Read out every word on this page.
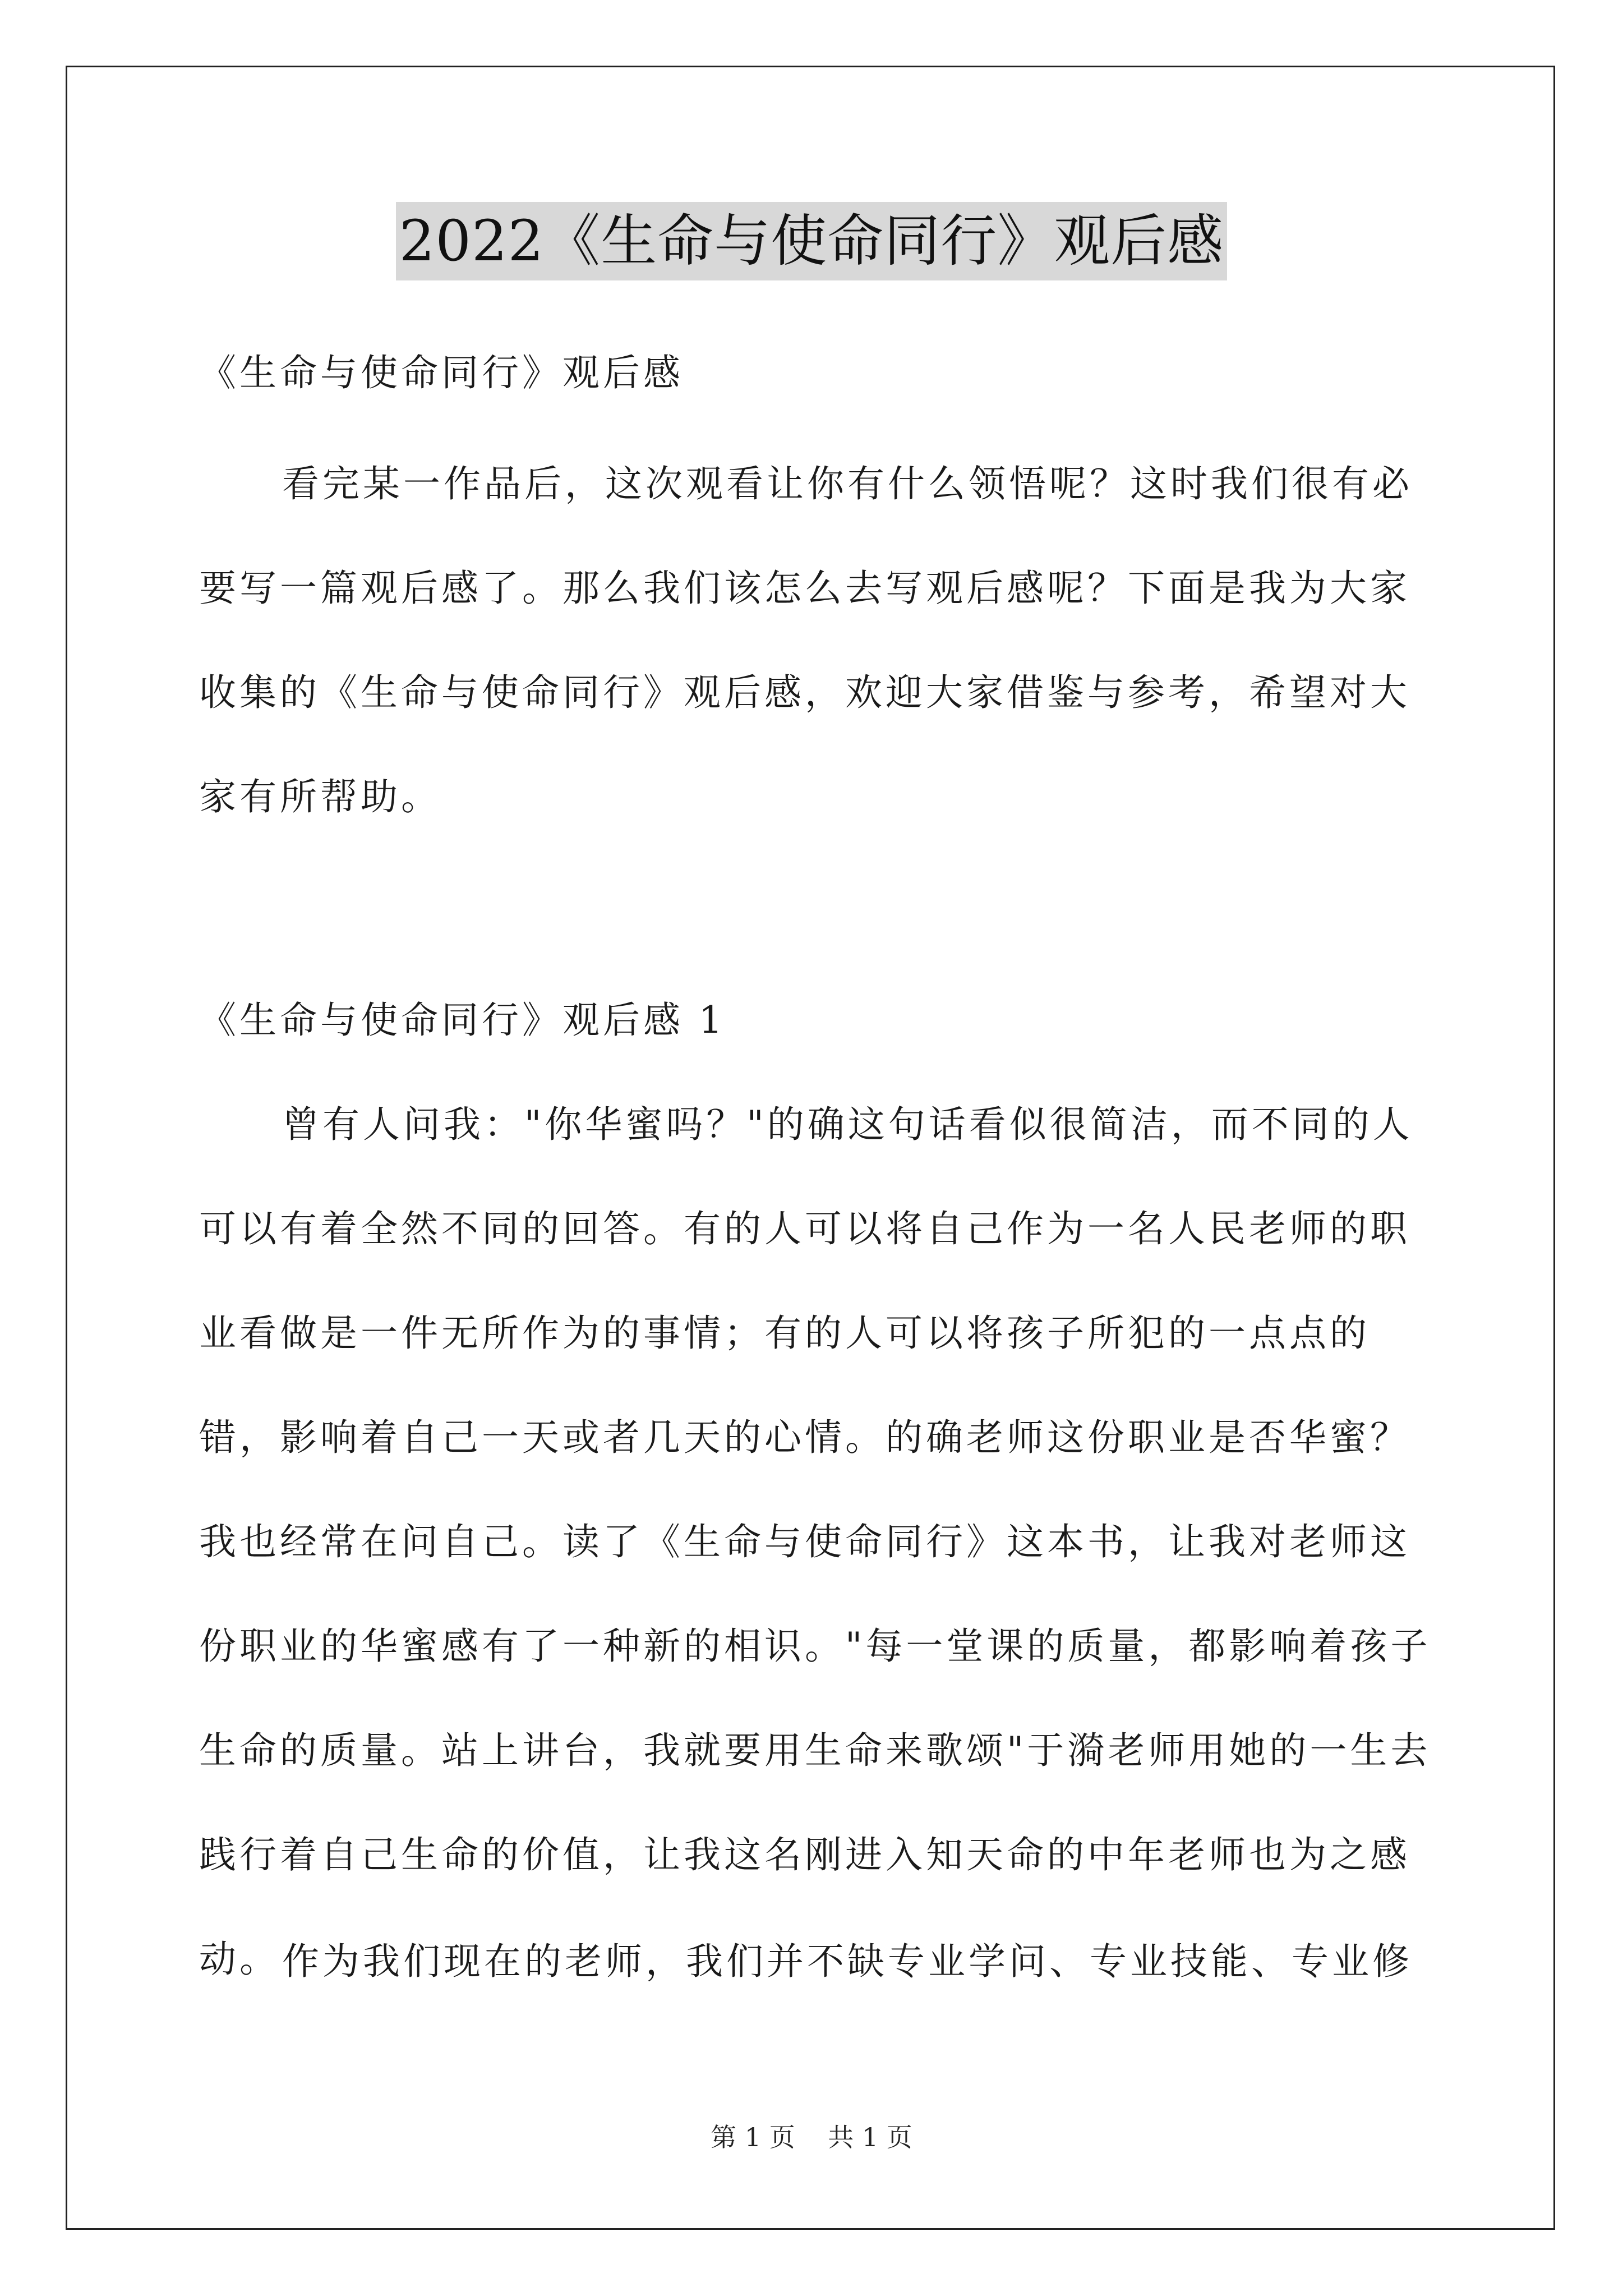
2022《生命与使命同行》观后感

《生命与使命同行》观后感

看完某一作品后，这次观看让你有什么领悟呢？这时我们很有必要写一篇观后感了。那么我们该怎么去写观后感呢？下面是我为大家收集的《生命与使命同行》观后感，欢迎大家借鉴与参考，希望对大家有所帮助。

《生命与使命同行》观后感 1

曾有人问我："你华蜜吗？"的确这句话看似很简洁，而不同的人可以有着全然不同的回答。有的人可以将自己作为一名人民老师的职业看做是一件无所作为的事情；有的人可以将孩子所犯的一点点的错，影响着自己一天或者几天的心情。的确老师这份职业是否华蜜？我也经常在问自己。读了《生命与使命同行》这本书，让我对老师这份职业的华蜜感有了一种新的相识。"每一堂课的质量，都影响着孩子生命的质量。站上讲台，我就要用生命来歌颂"于漪老师用她的一生去践行着自己生命的价值，让我这名刚进入知天命的中年老师也为之感动。 作为我们现在的老师，我们并不缺专业学问、专业技能、专业修

第 1 页 共 1 页
